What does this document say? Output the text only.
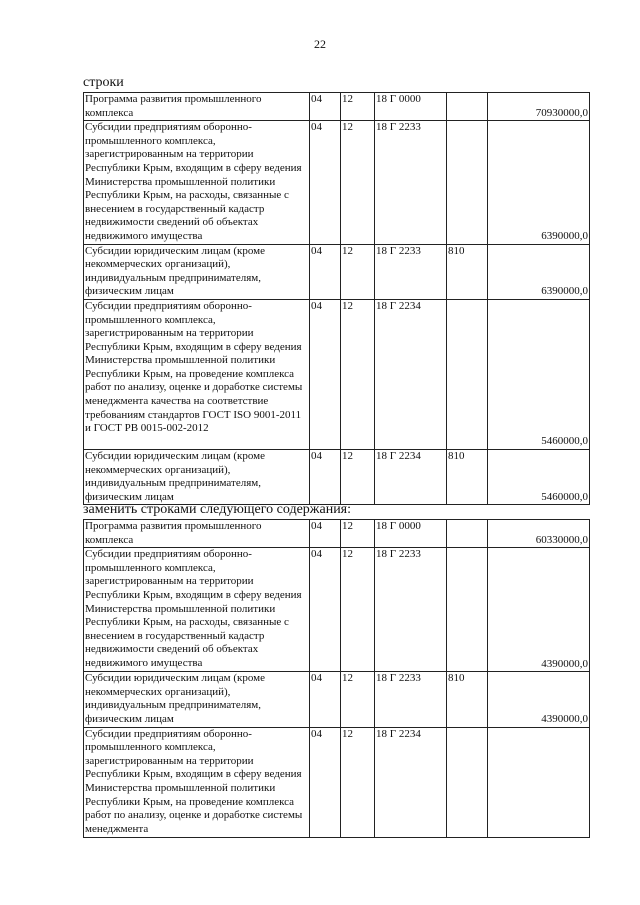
22
строки
Программа развития промышленного комплекса	04	12	18 Г 0000		70930000,0

Субсидии предприятиям оборонно-промышленного комплекса, зарегистрированным на территории Республики Крым, входящим в сферу ведения Министерства промышленной политики Республики Крым, на расходы, связанные с внесением в государственный кадастр недвижимости сведений об объектах недвижимого имущества	04	12	18 Г 2233		6390000,0

Субсидии юридическим лицам (кроме некоммерческих организаций), индивидуальным предпринимателям, физическим лицам	04	12	18 Г 2233	810	6390000,0

Субсидии предприятиям оборонно-промышленного комплекса, зарегистрированным на территории Республики Крым, входящим в сферу ведения Министерства промышленной политики Республики Крым, на проведение комплекса работ по анализу, оценке и доработке системы менеджмента качества на соответствие требованиям стандартов ГОСТ ISO 9001-2011 и ГОСТ РВ 0015-002-2012	04	12	18 Г 2234		5460000,0

Субсидии юридическим лицам (кроме некоммерческих организаций), индивидуальным предпринимателям, физическим лицам	04	12	18 Г 2234	810	5460000,0
заменить строками следующего содержания:
Программа развития промышленного комплекса	04	12	18 Г 0000		60330000,0

Субсидии предприятиям оборонно-промышленного комплекса, зарегистрированным на территории Республики Крым, входящим в сферу ведения Министерства промышленной политики Республики Крым, на расходы, связанные с внесением в государственный кадастр недвижимости сведений об объектах недвижимого имущества	04	12	18 Г 2233		4390000,0

Субсидии юридическим лицам (кроме некоммерческих организаций), индивидуальным предпринимателям, физическим лицам	04	12	18 Г 2233	810	4390000,0

Субсидии предприятиям оборонно-промышленного комплекса, зарегистрированным на территории Республики Крым, входящим в сферу ведения Министерства промышленной политики Республики Крым, на проведение комплекса работ по анализу, оценке и доработке системы менеджмента	04	12	18 Г 2234		
